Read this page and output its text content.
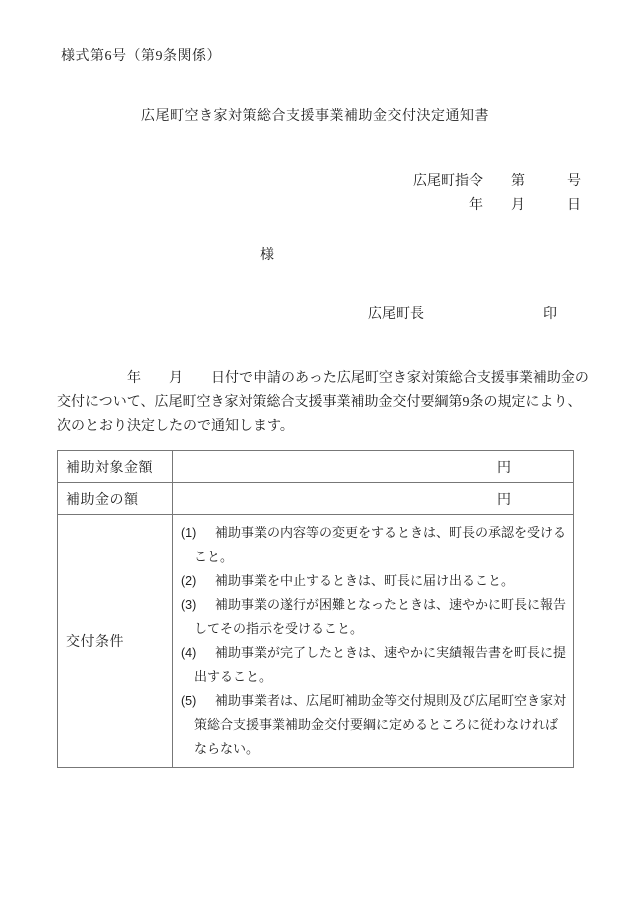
様式第6号（第9条関係）
広尾町空き家対策総合支援事業補助金交付決定通知書
広尾町指令　　第　　　号
年　　月　　　日
様
広尾町長	印
　　　　　年　　月　　日付で申請のあった広尾町空き家対策総合支援事業補助金の
交付について、広尾町空き家対策総合支援事業補助金交付要綱第9条の規定により、
次のとおり決定したので通知します。
補助対象金額	円
補助金の額	円
交付条件	(1) 補助事業の内容等の変更をするときは、町長の承認を受けること。
(2) 補助事業を中止するときは、町長に届け出ること。
(3) 補助事業の遂行が困難となったときは、速やかに町長に報告してその指示を受けること。
(4) 補助事業が完了したときは、速やかに実績報告書を町長に提出すること。
(5) 補助事業者は、広尾町補助金等交付規則及び広尾町空き家対策総合支援事業補助金交付要綱に定めるところに従わなければならない。
